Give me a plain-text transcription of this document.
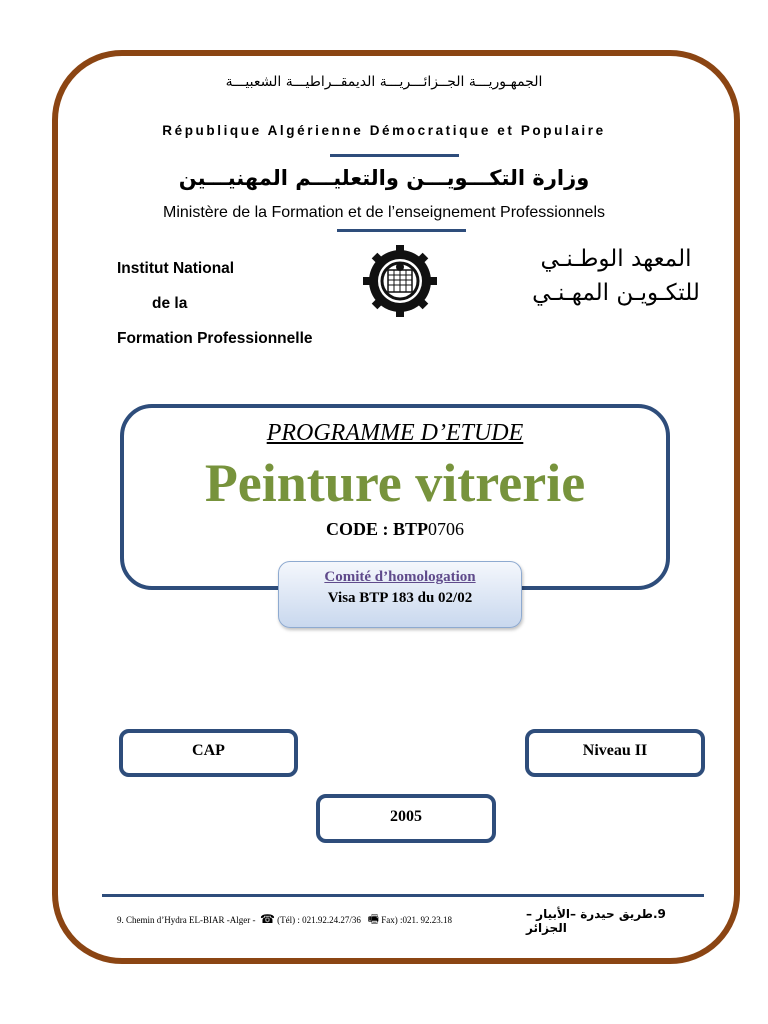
الجمهـوريـــة الجــزائـــريـــة الديمقــراطيـــة الشعبيـــة
République Algérienne Démocratique et Populaire
وزارة التكـــويـــن والتعليـــم المهنيـــين
Ministère de la Formation et de l’enseignement Professionnels
Institut National
de la
Formation Professionnelle
المعهد الوطـنـي
للتكـويـن المهـنـي
PROGRAMME D’ETUDE
Peinture vitrerie
CODE : BTP0706
Comité d’homologation
Visa BTP 183 du 02/02
CAP	Niveau II
2005
9. Chemin d’Hydra EL-BIAR -Alger - ☎ (Tél) : 021.92.24.27/36 🖷 Fax) :021. 92.23.18	9.طريق حيدرة –الأبيار – الجزائر
